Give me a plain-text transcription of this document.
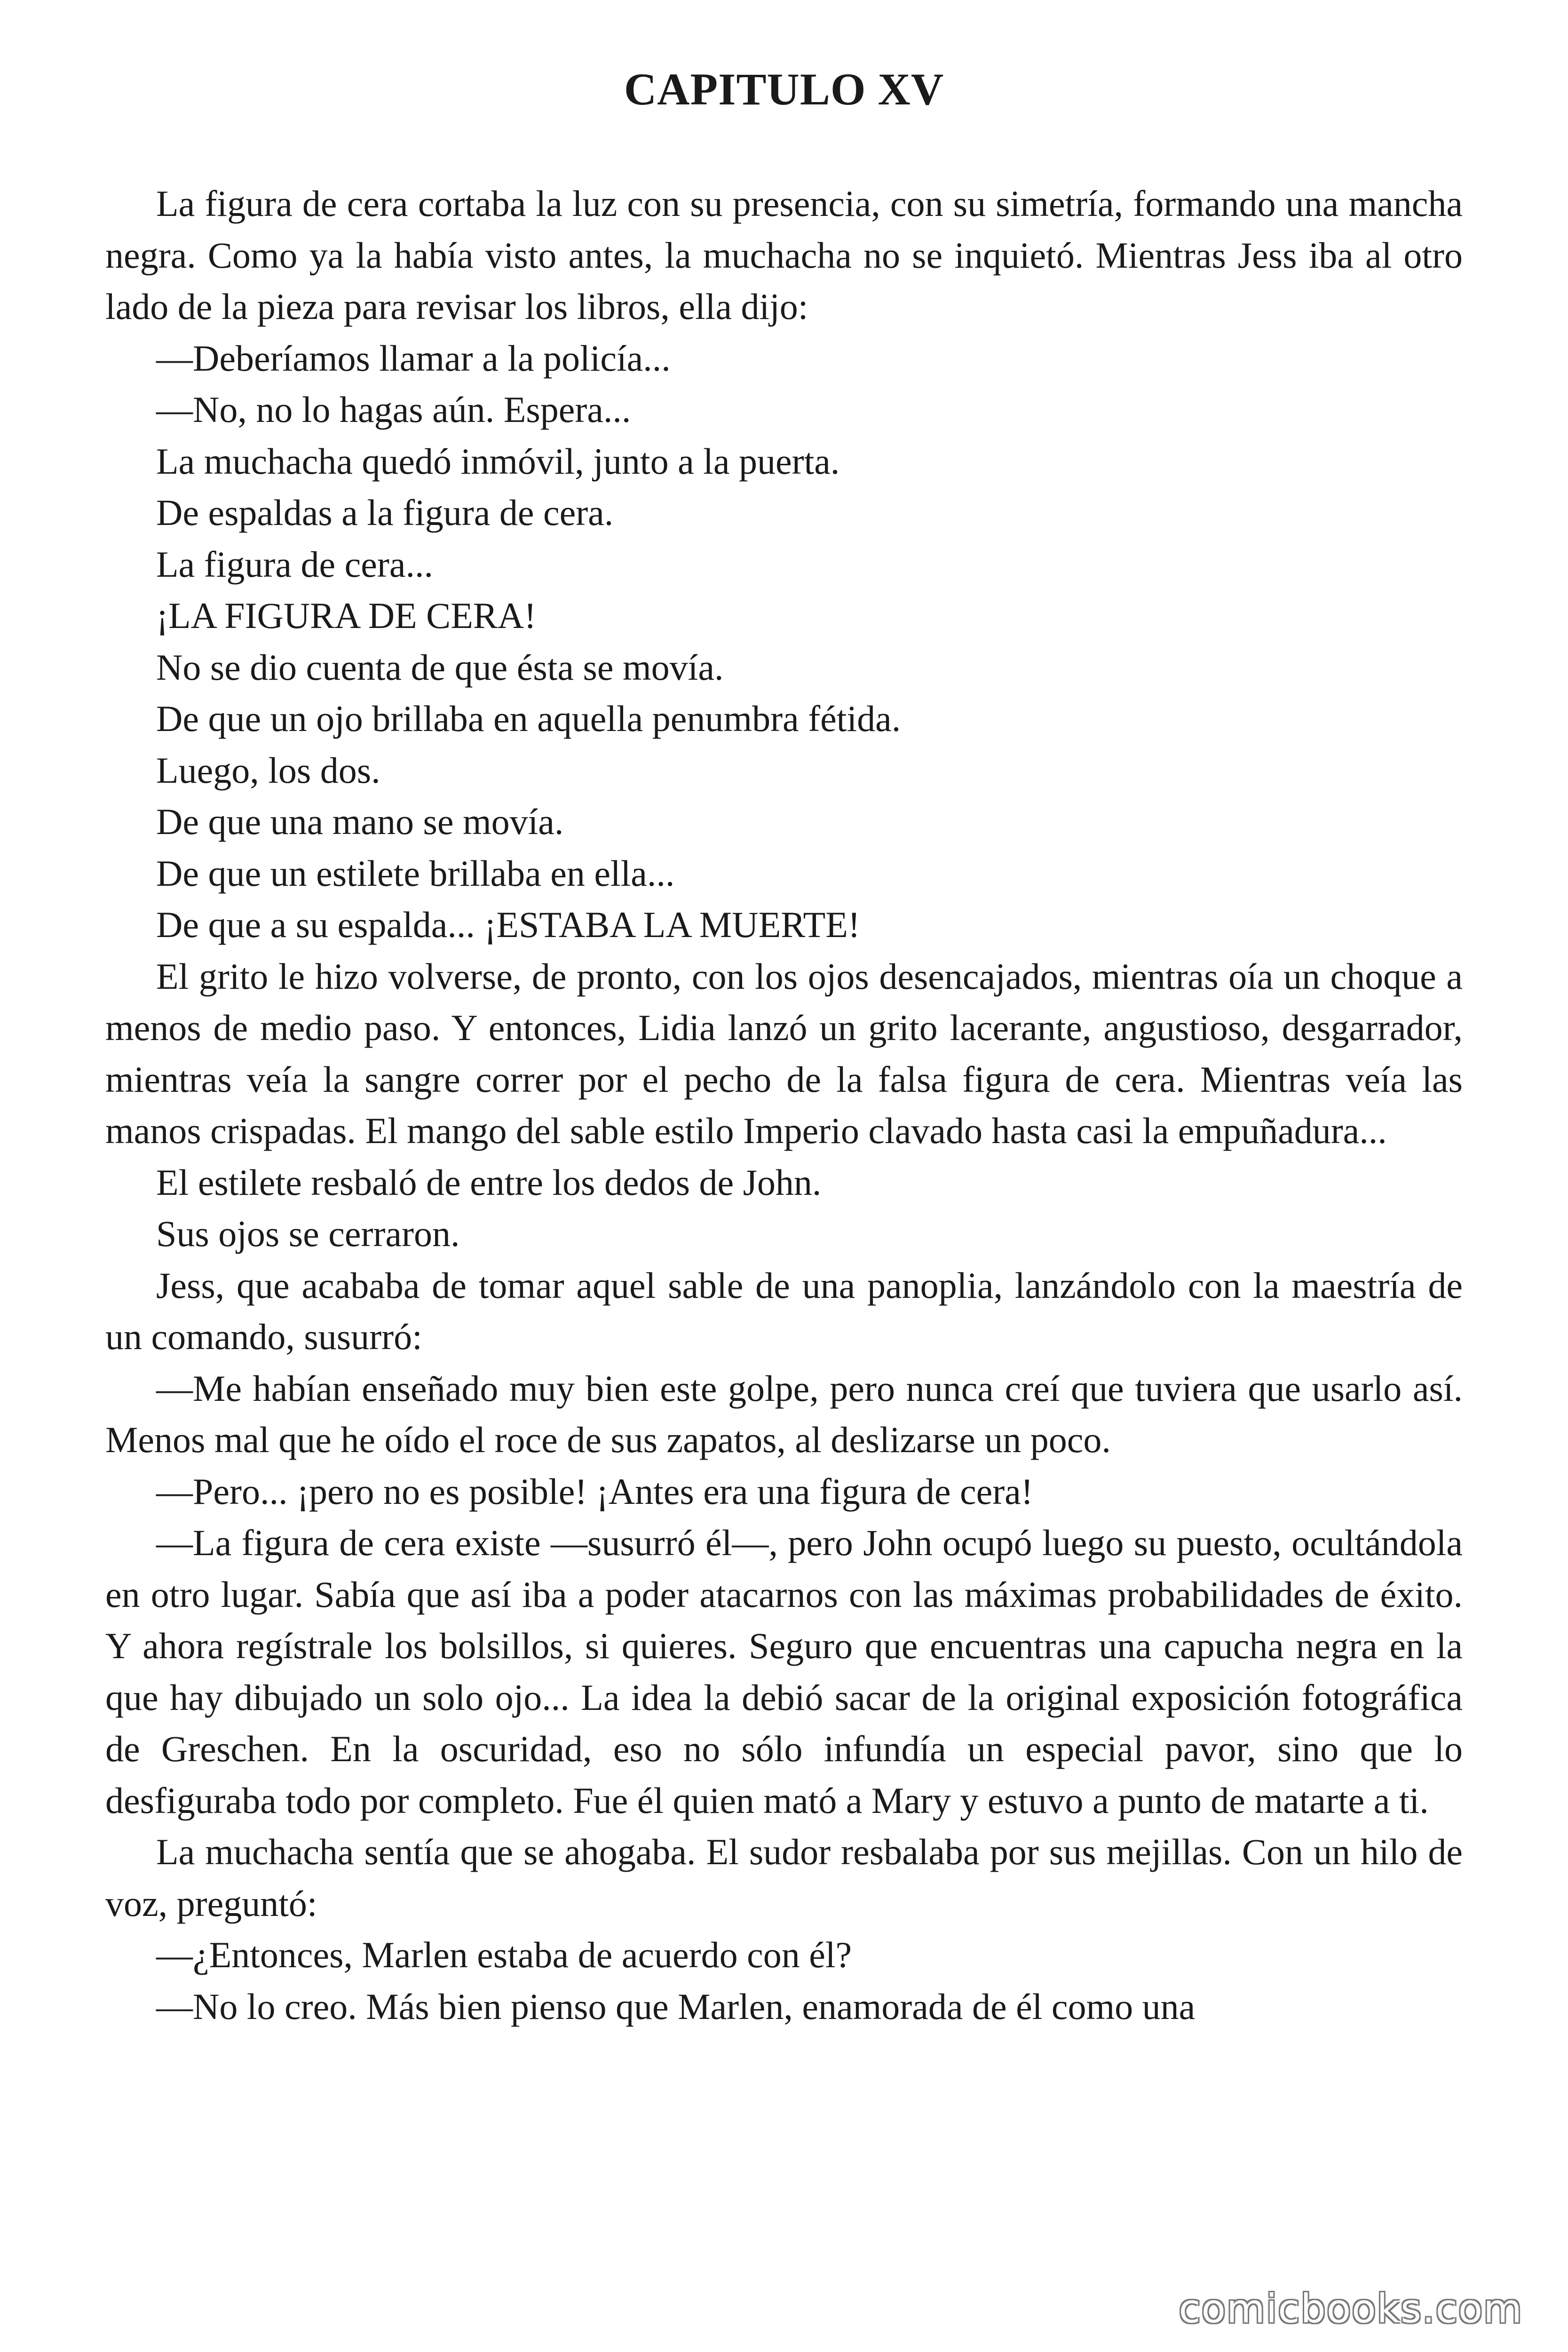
CAPITULO XV

La figura de cera cortaba la luz con su presencia, con su simetría, formando una mancha negra. Como ya la había visto antes, la muchacha no se inquietó. Mientras Jess iba al otro lado de la pieza para revisar los libros, ella dijo:

—Deberíamos llamar a la policía...

—No, no lo hagas aún. Espera...

La muchacha quedó inmóvil, junto a la puerta.

De espaldas a la figura de cera.

La figura de cera...

¡LA FIGURA DE CERA!

No se dio cuenta de que ésta se movía.

De que un ojo brillaba en aquella penumbra fétida.

Luego, los dos.

De que una mano se movía.

De que un estilete brillaba en ella...

De que a su espalda... ¡ESTABA LA MUERTE!

El grito le hizo volverse, de pronto, con los ojos desencajados, mientras oía un choque a menos de medio paso. Y entonces, Lidia lanzó un grito lacerante, angustioso, desgarrador, mientras veía la sangre correr por el pecho de la falsa figura de cera. Mientras veía las manos crispadas. El mango del sable estilo Imperio clavado hasta casi la empuñadura...

El estilete resbaló de entre los dedos de John.

Sus ojos se cerraron.

Jess, que acababa de tomar aquel sable de una panoplia, lanzándolo con la maestría de un comando, susurró:

—Me habían enseñado muy bien este golpe, pero nunca creí que tuviera que usarlo así. Menos mal que he oído el roce de sus zapatos, al deslizarse un poco.

—Pero... ¡pero no es posible! ¡Antes era una figura de cera!

—La figura de cera existe —susurró él—, pero John ocupó luego su puesto, ocultándola en otro lugar. Sabía que así iba a poder atacarnos con las máximas probabilidades de éxito. Y ahora regístrale los bolsillos, si quieres. Seguro que encuentras una capucha negra en la que hay dibujado un solo ojo... La idea la debió sacar de la original exposición fotográfica de Greschen. En la oscuridad, eso no sólo infundía un especial pavor, sino que lo desfiguraba todo por completo. Fue él quien mató a Mary y estuvo a punto de matarte a ti.

La muchacha sentía que se ahogaba. El sudor resbalaba por sus mejillas. Con un hilo de voz, preguntó:

—¿Entonces, Marlen estaba de acuerdo con él?

—No lo creo. Más bien pienso que Marlen, enamorada de él como una

comicbooks.com
